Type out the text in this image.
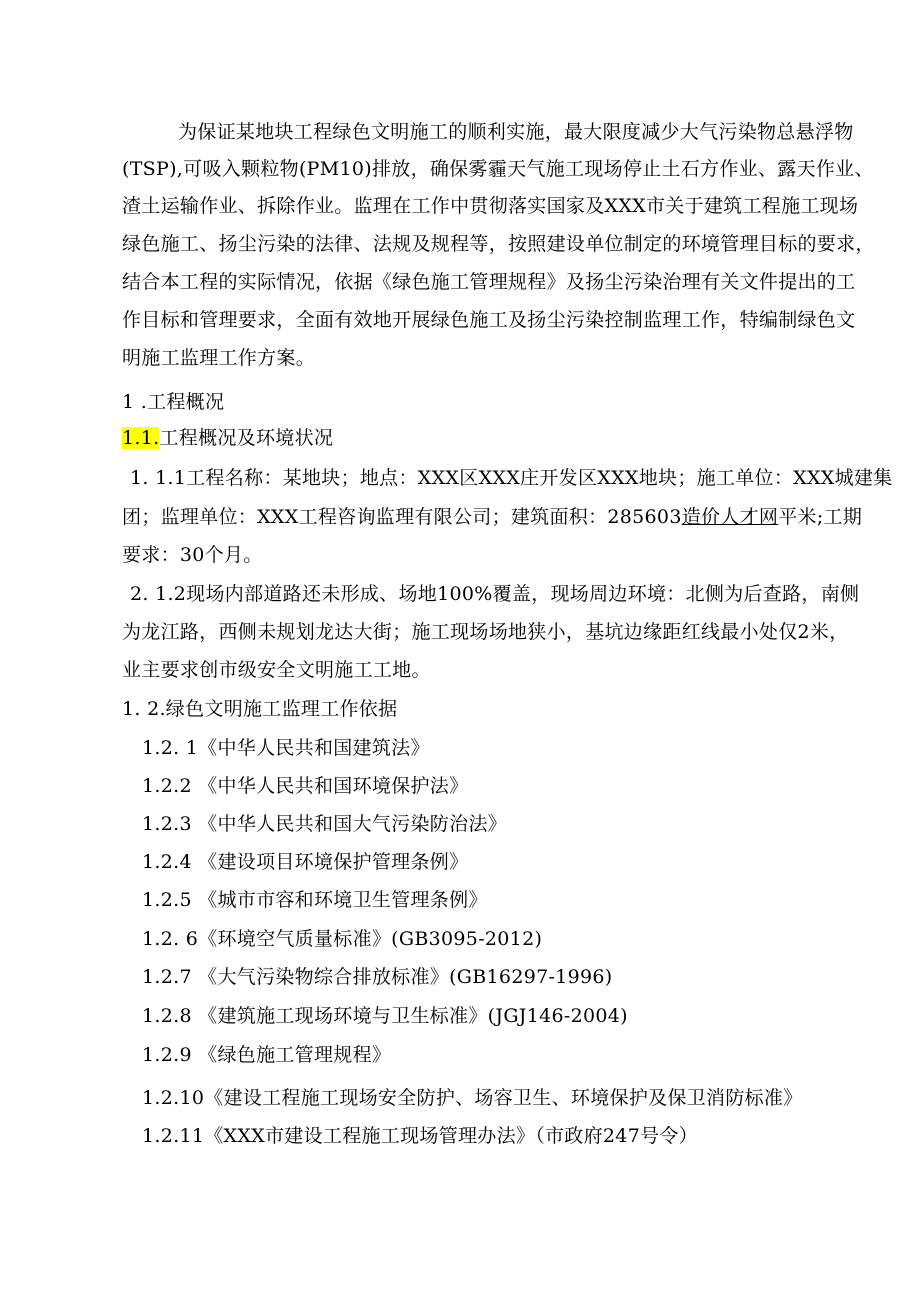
为保证某地块工程绿色文明施工的顺利实施，最大限度减少大气污染物总悬浮物
(TSP),可吸入颗粒物(PM10)排放，确保雾霾天气施工现场停止土石方作业、露天作业、
渣土运输作业、拆除作业。监理在工作中贯彻落实国家及XXX市关于建筑工程施工现场
绿色施工、扬尘污染的法律、法规及规程等，按照建设单位制定的环境管理目标的要求，
结合本工程的实际情况，依据《绿色施工管理规程》及扬尘污染治理有关文件提出的工
作目标和管理要求，全面有效地开展绿色施工及扬尘污染控制监理工作，特编制绿色文
明施工监理工作方案。
1 .工程概况
1.1.工程概况及环境状况
1. 1.1工程名称：某地块；地点：XXX区XXX庄开发区XXX地块；施工单位：XXX城建集
团；监理单位：XXX工程咨询监理有限公司；建筑面积：285603造价人才网平米;工期
要求：30个月。
2. 1.2现场内部道路还未形成、场地100%覆盖，现场周边环境：北侧为后查路，南侧
为龙江路，西侧未规划龙达大街；施工现场场地狭小，基坑边缘距红线最小处仅2米，
业主要求创市级安全文明施工工地。
1. 2.绿色文明施工监理工作依据
1.2. 1《中华人民共和国建筑法》
1.2.2 《中华人民共和国环境保护法》
1.2.3 《中华人民共和国大气污染防治法》
1.2.4 《建设项目环境保护管理条例》
1.2.5 《城市市容和环境卫生管理条例》
1.2. 6《环境空气质量标准》(GB3095-2012)
1.2.7 《大气污染物综合排放标准》(GB16297-1996)
1.2.8 《建筑施工现场环境与卫生标准》(JGJ146-2004)
1.2.9 《绿色施工管理规程》
1.2.10《建设工程施工现场安全防护、场容卫生、环境保护及保卫消防标准》
1.2.11《XXX市建设工程施工现场管理办法》（市政府247号令）
